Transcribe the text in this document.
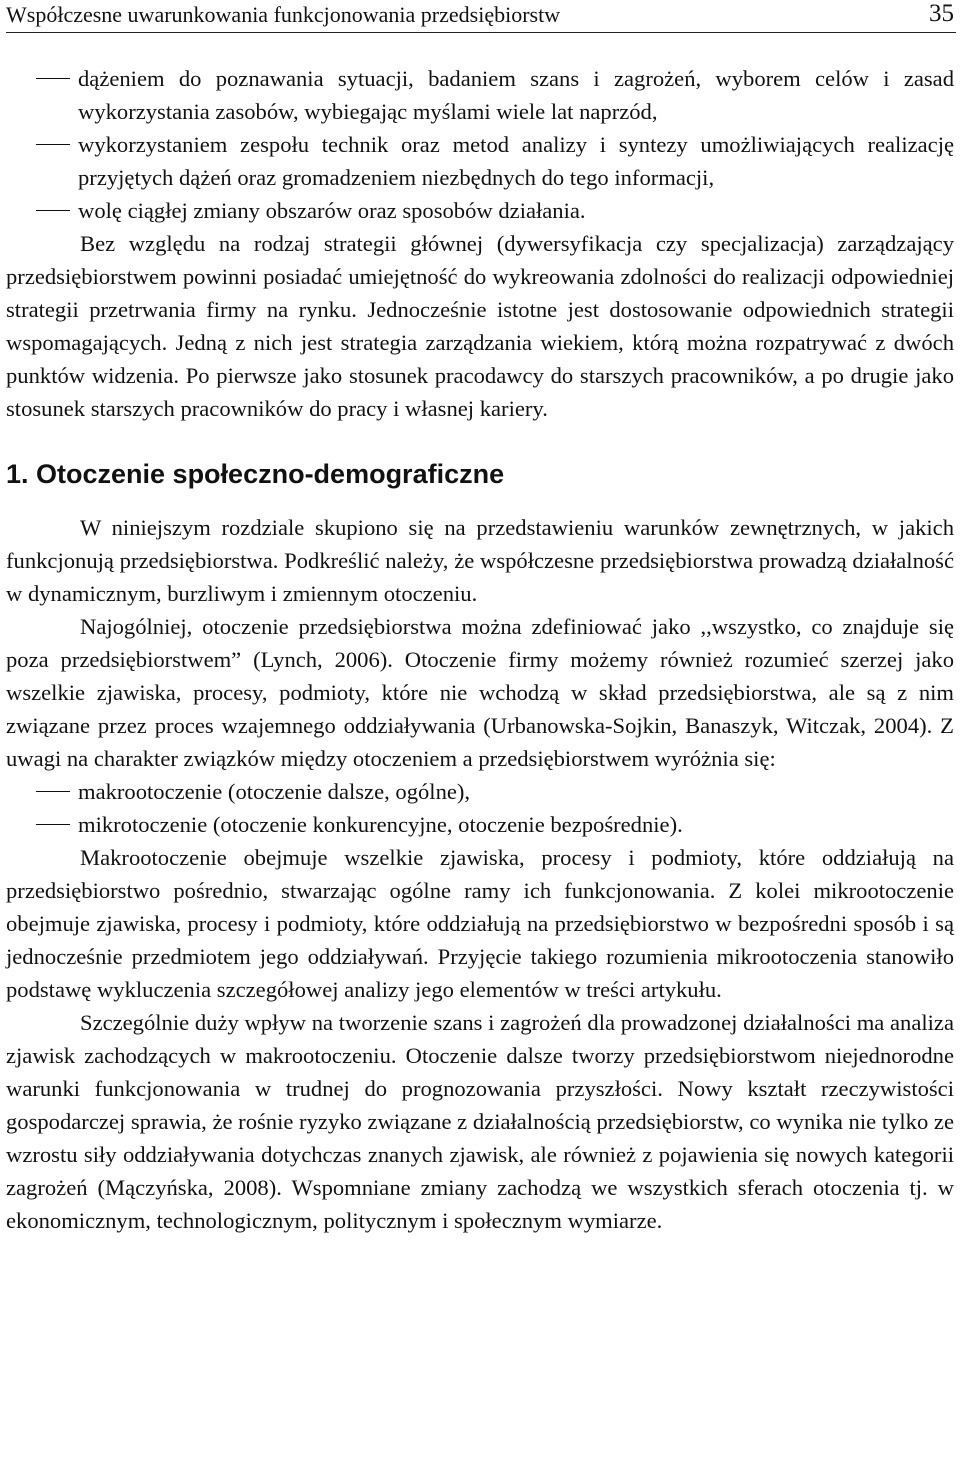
Współczesne uwarunkowania funkcjonowania przedsiębiorstw	35
dążeniem do poznawania sytuacji, badaniem szans i zagrożeń, wyborem celów i zasad wykorzystania zasobów, wybiegając myślami wiele lat naprzód,
wykorzystaniem zespołu technik oraz metod analizy i syntezy umożliwiających realizację przyjętych dążeń oraz gromadzeniem niezbędnych do tego informacji,
wolę ciągłej zmiany obszarów oraz sposobów działania.

Bez względu na rodzaj strategii głównej (dywersyfikacja czy specjalizacja) zarządzający przedsiębiorstwem powinni posiadać umiejętność do wykreowania zdolności do realizacji odpowiedniej strategii przetrwania firmy na rynku. Jednocześnie istotne jest dostosowanie odpowiednich strategii wspomagających. Jedną z nich jest strategia zarządzania wiekiem, którą można rozpatrywać z dwóch punktów widzenia. Po pierwsze jako stosunek pracodawcy do starszych pracowników, a po drugie jako stosunek starszych pracowników do pracy i własnej kariery.

1. Otoczenie społeczno-demograficzne

W niniejszym rozdziale skupiono się na przedstawieniu warunków zewnętrznych, w jakich funkcjonują przedsiębiorstwa. Podkreślić należy, że współczesne przedsiębiorstwa prowadzą działalność w dynamicznym, burzliwym i zmiennym otoczeniu.

Najogólniej, otoczenie przedsiębiorstwa można zdefiniować jako ,,wszystko, co znajduje się poza przedsiębiorstwem” (Lynch, 2006). Otoczenie firmy możemy również rozumieć szerzej jako wszelkie zjawiska, procesy, podmioty, które nie wchodzą w skład przedsiębiorstwa, ale są z nim związane przez proces wzajemnego oddziaływania (Urbanowska-Sojkin, Banaszyk, Witczak, 2004). Z uwagi na charakter związków między otoczeniem a przedsiębiorstwem wyróżnia się:

makrootoczenie (otoczenie dalsze, ogólne),
mikrotoczenie (otoczenie konkurencyjne, otoczenie bezpośrednie).

Makrootoczenie obejmuje wszelkie zjawiska, procesy i podmioty, które oddziałują na przedsiębiorstwo pośrednio, stwarzając ogólne ramy ich funkcjonowania. Z kolei mikrootoczenie obejmuje zjawiska, procesy i podmioty, które oddziałują na przedsiębiorstwo w bezpośredni sposób i są jednocześnie przedmiotem jego oddziaływań. Przyjęcie takiego rozumienia mikrootoczenia stanowiło podstawę wykluczenia szczegółowej analizy jego elementów w treści artykułu.

Szczególnie duży wpływ na tworzenie szans i zagrożeń dla prowadzonej działalności ma analiza zjawisk zachodzących w makrootoczeniu. Otoczenie dalsze tworzy przedsiębiorstwom niejednorodne warunki funkcjonowania w trudnej do prognozowania przyszłości. Nowy kształt rzeczywistości gospodarczej sprawia, że rośnie ryzyko związane z działalnością przedsiębiorstw, co wynika nie tylko ze wzrostu siły oddziaływania dotychczas znanych zjawisk, ale również z pojawienia się nowych kategorii zagrożeń (Mączyńska, 2008). Wspomniane zmiany zachodzą we wszystkich sferach otoczenia tj. w ekonomicznym, technologicznym, politycznym i społecznym wymiarze.
